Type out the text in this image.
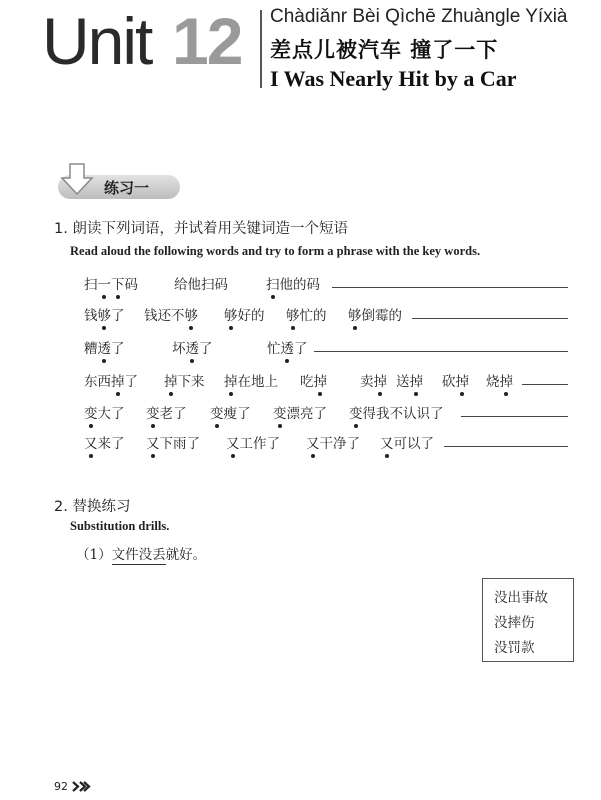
Unit 12 Chàdiǎnr Bèi Qìchē Zhuàngle Yíxià
差点儿被汽车 撞了一下
I Was Nearly Hit by a Car
练习一
1. 朗读下列词语，并试着用关键词造一个短语
Read aloud the following words and try to form a phrase with the key words.
扫一下码	给他扫码	扫他的码
钱够了 钱还不够 够好的 够忙的 够倒霉的
糟透了	坏透了	忙透了
东西掉了 掉下来 掉在地上 吃掉 卖掉 送掉 砍掉 烧掉
变大了 变老了 变瘦了 变漂亮了 变得我不认识了
又来了 又下雨了 又工作了 又干净了 又可以了
2. 替换练习
Substitution drills.
（1）文件没丢就好。
没出事故
没摔伤
没罚款
92
